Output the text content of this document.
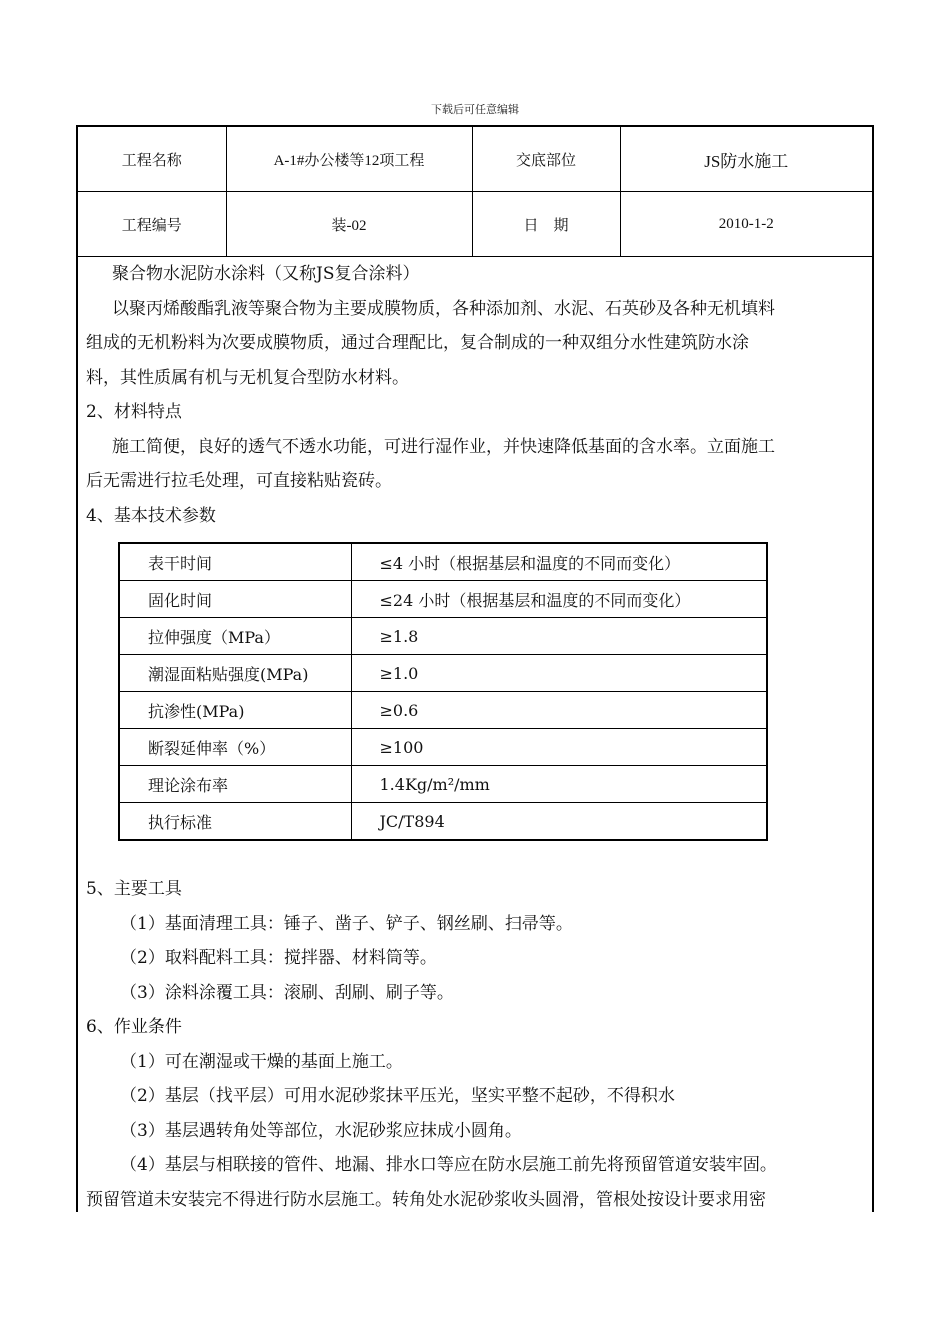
下载后可任意编辑
工程名称	A-1#办公楼等12项工程	交底部位	JS防水施工
工程编号	装-02	日　期	2010-1-2

聚合物水泥防水涂料（又称JS复合涂料）

以聚丙烯酸酯乳液等聚合物为主要成膜物质，各种添加剂、水泥、石英砂及各种无机填料

组成的无机粉料为次要成膜物质，通过合理配比，复合制成的一种双组分水性建筑防水涂

料，其性质属有机与无机复合型防水材料。

2、材料特点

施工简便，良好的透气不透水功能，可进行湿作业，并快速降低基面的含水率。立面施工

后无需进行拉毛处理，可直接粘贴瓷砖。

4、基本技术参数

表干时间	≤4 小时（根据基层和温度的不同而变化）
固化时间	≤24 小时（根据基层和温度的不同而变化）
拉伸强度（MPa）	≥1.8
潮湿面粘贴强度(MPa)	≥1.0
抗渗性(MPa)	≥0.6
断裂延伸率（%）	≥100
理论涂布率	1.4Kg/m²/mm
执行标准	JC/T894

5、主要工具

（1）基面清理工具：锤子、凿子、铲子、钢丝刷、扫帚等。

（2）取料配料工具：搅拌器、材料筒等。

（3）涂料涂覆工具：滚刷、刮刷、刷子等。

6、作业条件

（1）可在潮湿或干燥的基面上施工。

（2）基层（找平层）可用水泥砂浆抹平压光，坚实平整不起砂，不得积水

（3）基层遇转角处等部位，水泥砂浆应抹成小圆角。

（4）基层与相联接的管件、地漏、排水口等应在防水层施工前先将预留管道安装牢固。

预留管道未安装完不得进行防水层施工。转角处水泥砂浆收头圆滑，管根处按设计要求用密
